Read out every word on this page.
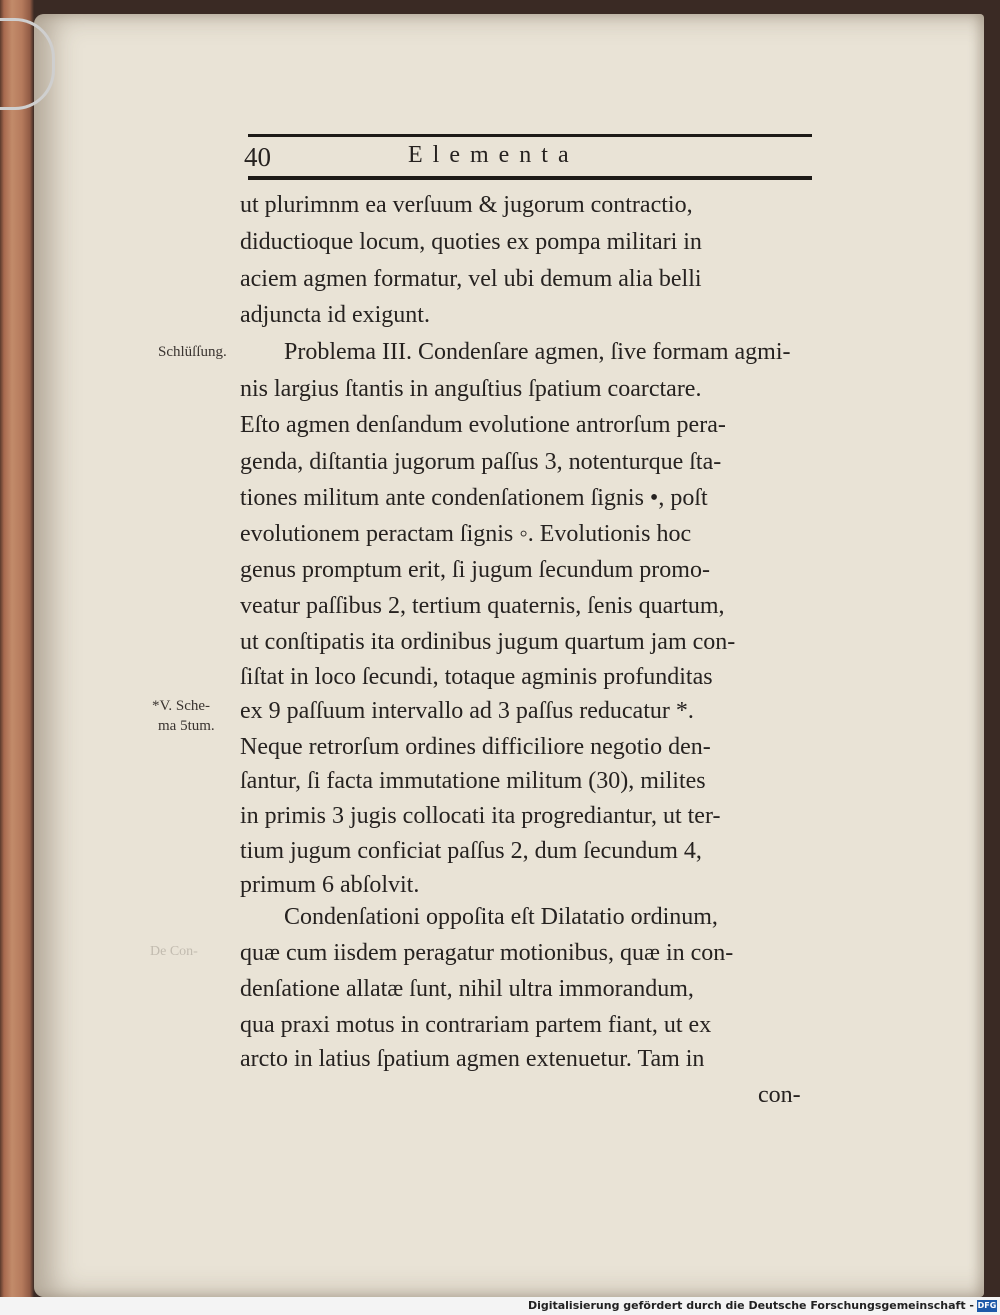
40	Elementa
Schlüſſung.
*V. Sche-
ma 5tum.
De Con-
ut plurimnm ea verſuum & jugorum contractio,
diductioque locum, quoties ex pompa militari in
aciem agmen formatur, vel ubi demum alia belli
adjuncta id exigunt.
Problema III. Condenſare agmen, ſive formam agmi-
nis largius ſtantis in anguſtius ſpatium coarctare.
Eſto agmen denſandum evolutione antrorſum pera-
genda, diſtantia jugorum paſſus 3, notenturque ſta-
tiones militum ante condenſationem ſignis •, poſt
evolutionem peractam ſignis ◦. Evolutionis hoc
genus promptum erit, ſi jugum ſecundum promo-
veatur paſſibus 2, tertium quaternis, ſenis quartum,
ut conſtipatis ita ordinibus jugum quartum jam con-
ſiſtat in loco ſecundi, totaque agminis profunditas
ex 9 paſſuum intervallo ad 3 paſſus reducatur *.
Neque retrorſum ordines difficiliore negotio den-
ſantur, ſi facta immutatione militum (30), milites
in primis 3 jugis collocati ita progrediantur, ut ter-
tium jugum conficiat paſſus 2, dum ſecundum 4,
primum 6 abſolvit.
Condenſationi oppoſita eſt Dilatatio ordinum,
quæ cum iisdem peragatur motionibus, quæ in con-
denſatione allatæ ſunt, nihil ultra immorandum,
qua praxi motus in contrariam partem fiant, ut ex
arcto in latius ſpatium agmen extenuetur. Tam in
con-
Digitalisierung gefördert durch die Deutsche Forschungsgemeinschaft - DFG
